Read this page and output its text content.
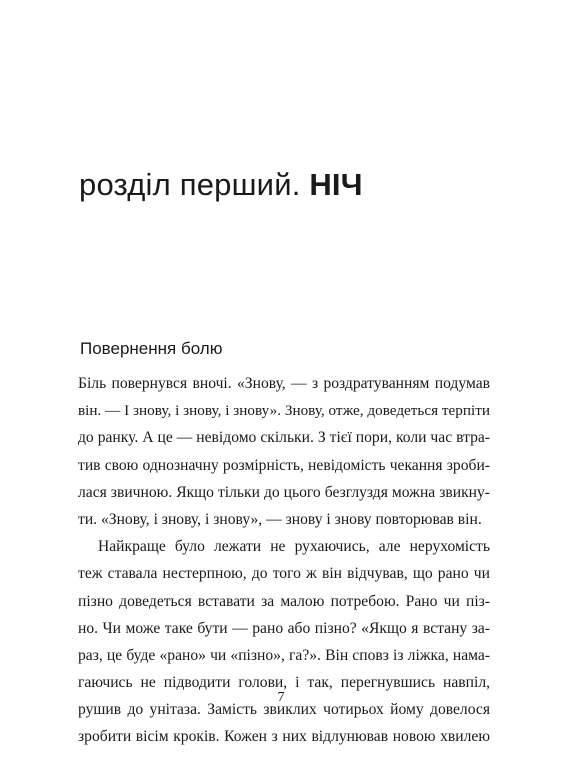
розділ перший. НІЧ
Повернення болю
Біль повернувся вночі. «Знову, — з роздратуванням подумав
він. — І знову, і знову, і знову». Знову, отже, доведеться терпіти
до ранку. А це — невідомо скільки. З тієї пори, коли час втра-
тив свою однозначну розмірність, невідомість чекання зроби-
лася звичною. Якщо тільки до цього безглуздя можна звикну-
ти. «Знову, і знову, і знову», — знову і знову повторював він.
Найкраще було лежати не рухаючись, але нерухомість
теж ставала нестерпною, до того ж він відчував, що рано чи
пізно доведеться вставати за малою потребою. Рано чи піз-
но. Чи може таке бути — рано або пізно? «Якщо я встану за-
раз, це буде «рано» чи «пізно», га?». Він сповз із ліжка, нама-
гаючись не підводити голови, і так, перегнувшись навпіл,
рушив до унітаза. Замість звиклих чотирьох йому довелося
зробити вісім кроків. Кожен з них відлунював новою хвилею
7
